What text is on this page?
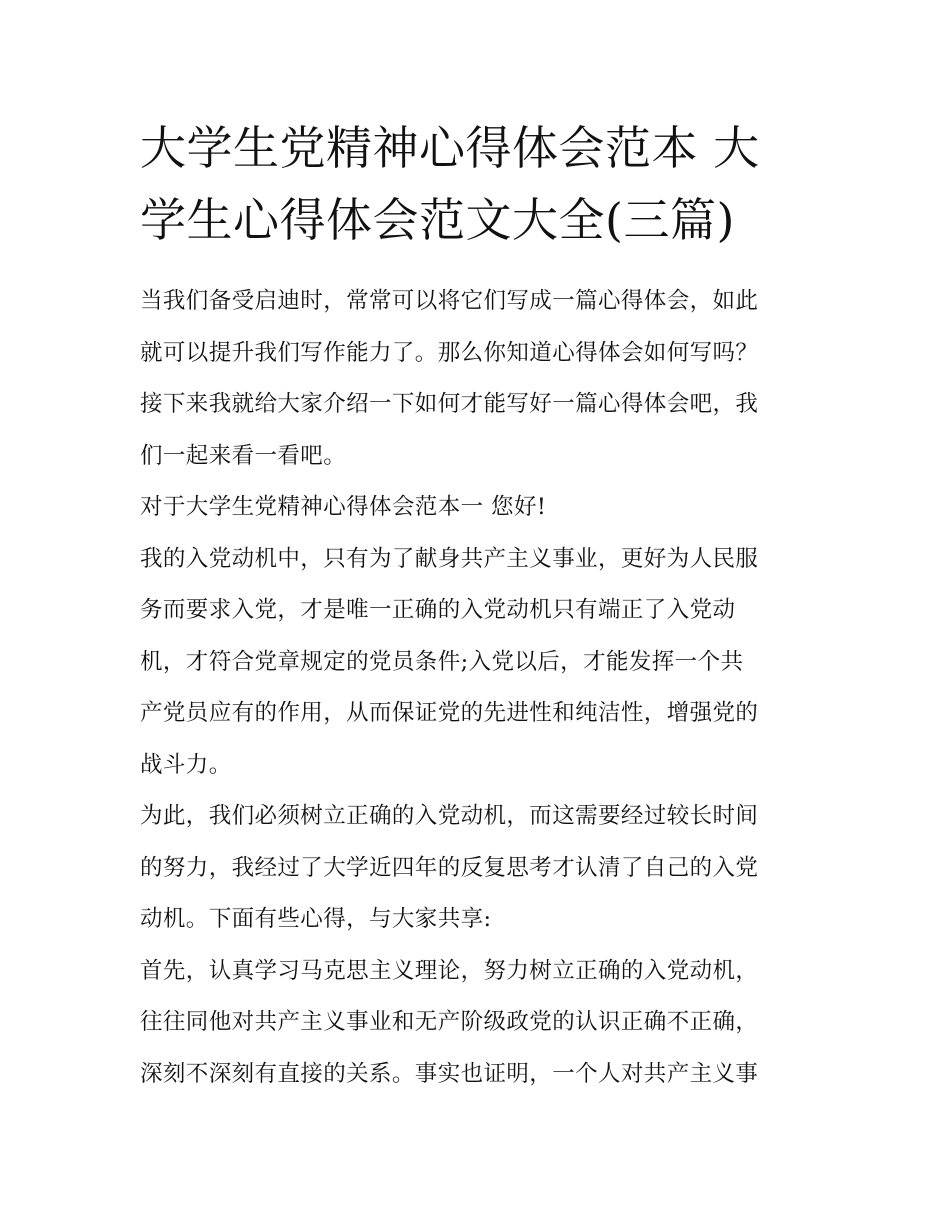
大学生党精神心得体会范本 大
学生心得体会范文大全(三篇)
当我们备受启迪时，常常可以将它们写成一篇心得体会，如此
就可以提升我们写作能力了。那么你知道心得体会如何写吗？
接下来我就给大家介绍一下如何才能写好一篇心得体会吧，我
们一起来看一看吧。
对于大学生党精神心得体会范本一 您好!
我的入党动机中，只有为了献身共产主义事业，更好为人民服
务而要求入党，才是唯一正确的入党动机只有端正了入党动
机，才符合党章规定的党员条件;入党以后，才能发挥一个共
产党员应有的作用，从而保证党的先进性和纯洁性，增强党的
战斗力。
为此，我们必须树立正确的入党动机，而这需要经过较长时间
的努力，我经过了大学近四年的反复思考才认清了自己的入党
动机。下面有些心得，与大家共享:
首先，认真学习马克思主义理论，努力树立正确的入党动机，
往往同他对共产主义事业和无产阶级政党的认识正确不正确，
深刻不深刻有直接的关系。事实也证明，一个人对共产主义事
